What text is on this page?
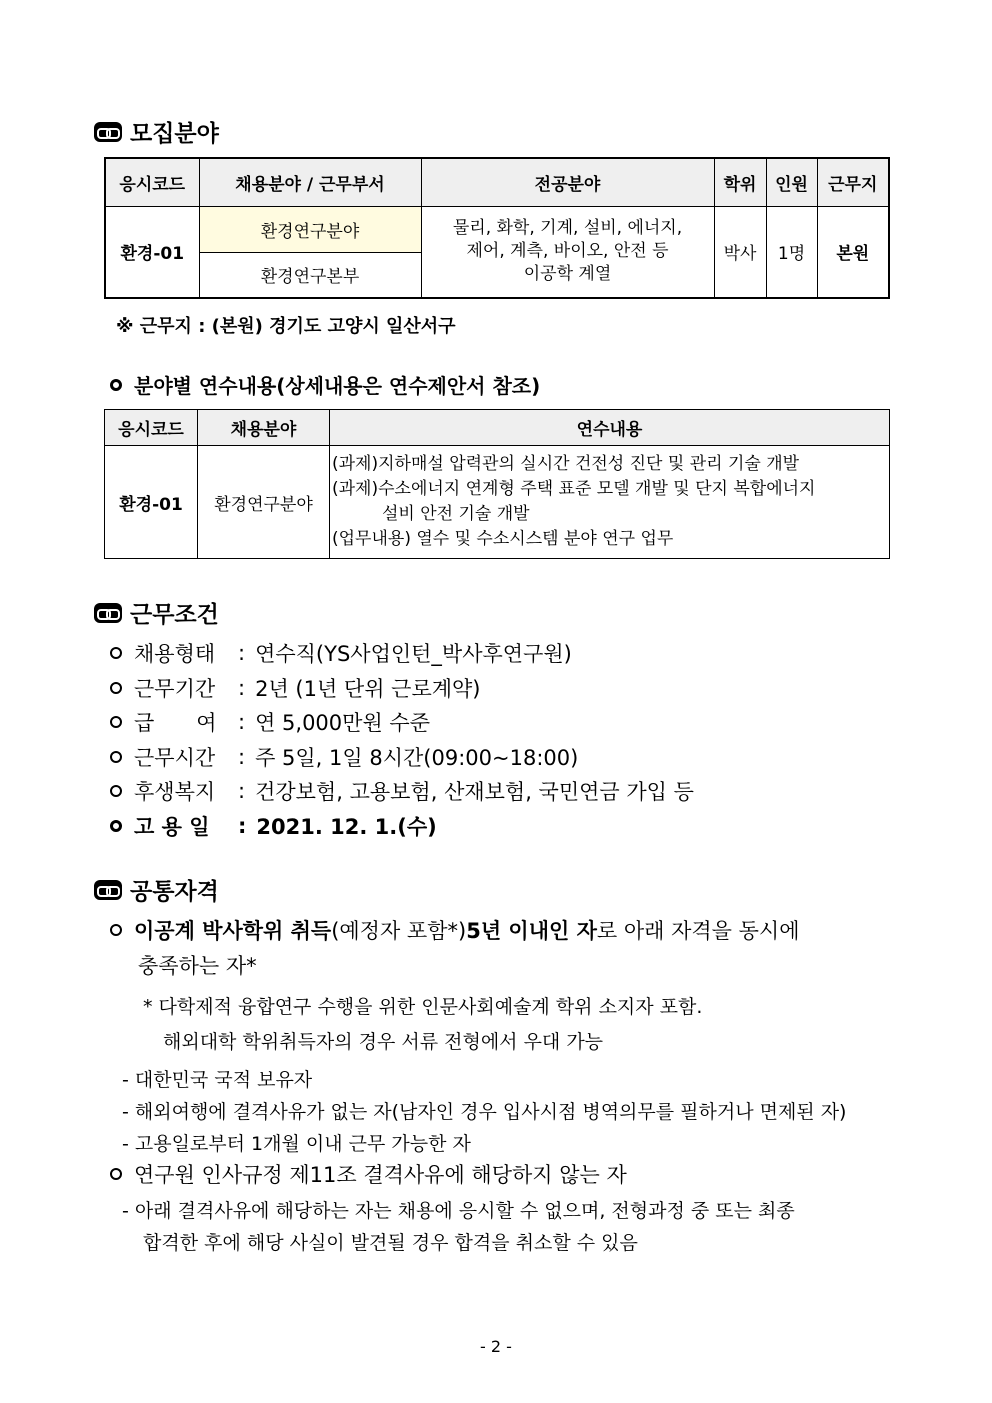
모집분야
응시코드	채용분야 / 근무부서	전공분야	학위	인원	근무지
환경-01	환경연구분야	물리, 화학, 기계, 설비, 에너지,
제어, 계측, 바이오, 안전 등
이공학 계열	박사	1명	본원
	환경연구본부				
※ 근무지 : (본원) 경기도 고양시 일산서구
분야별 연수내용(상세내용은 연수제안서 참조)
응시코드	채용분야	연수내용
환경-01	환경연구분야	(과제)지하매설 압력관의 실시간 건전성 진단 및 관리 기술 개발
(과제)수소에너지 연계형 주택 표준 모델 개발 및 단지 복합에너지
설비 안전 기술 개발
(업무내용) 열수 및 수소시스템 분야 연구 업무
근무조건
채용형태	: 연수직(YS사업인턴_박사후연구원)
근무기간	: 2년 (1년 단위 근로계약)
급　　여	: 연 5,000만원 수준
근무시간	: 주 5일, 1일 8시간(09:00~18:00)
후생복지	: 건강보험, 고용보험, 산재보험, 국민연금 가입 등
고 용 일	: 2021. 12. 1.(수)
공통자격
이공계 박사학위 취득 (예정자 포함*) 5년 이내인 자 로 아래 자격을 동시에
충족하는 자*
* 다학제적 융합연구 수행을 위한 인문사회예술계 학위 소지자 포함.
해외대학 학위취득자의 경우 서류 전형에서 우대 가능
- 대한민국 국적 보유자
- 해외여행에 결격사유가 없는 자(남자인 경우 입사시점 병역의무를 필하거나 면제된 자)
- 고용일로부터 1개월 이내 근무 가능한 자
연구원 인사규정 제11조 결격사유에 해당하지 않는 자
- 아래 결격사유에 해당하는 자는 채용에 응시할 수 없으며, 전형과정 중 또는 최종
합격한 후에 해당 사실이 발견될 경우 합격을 취소할 수 있음
- 2 -
